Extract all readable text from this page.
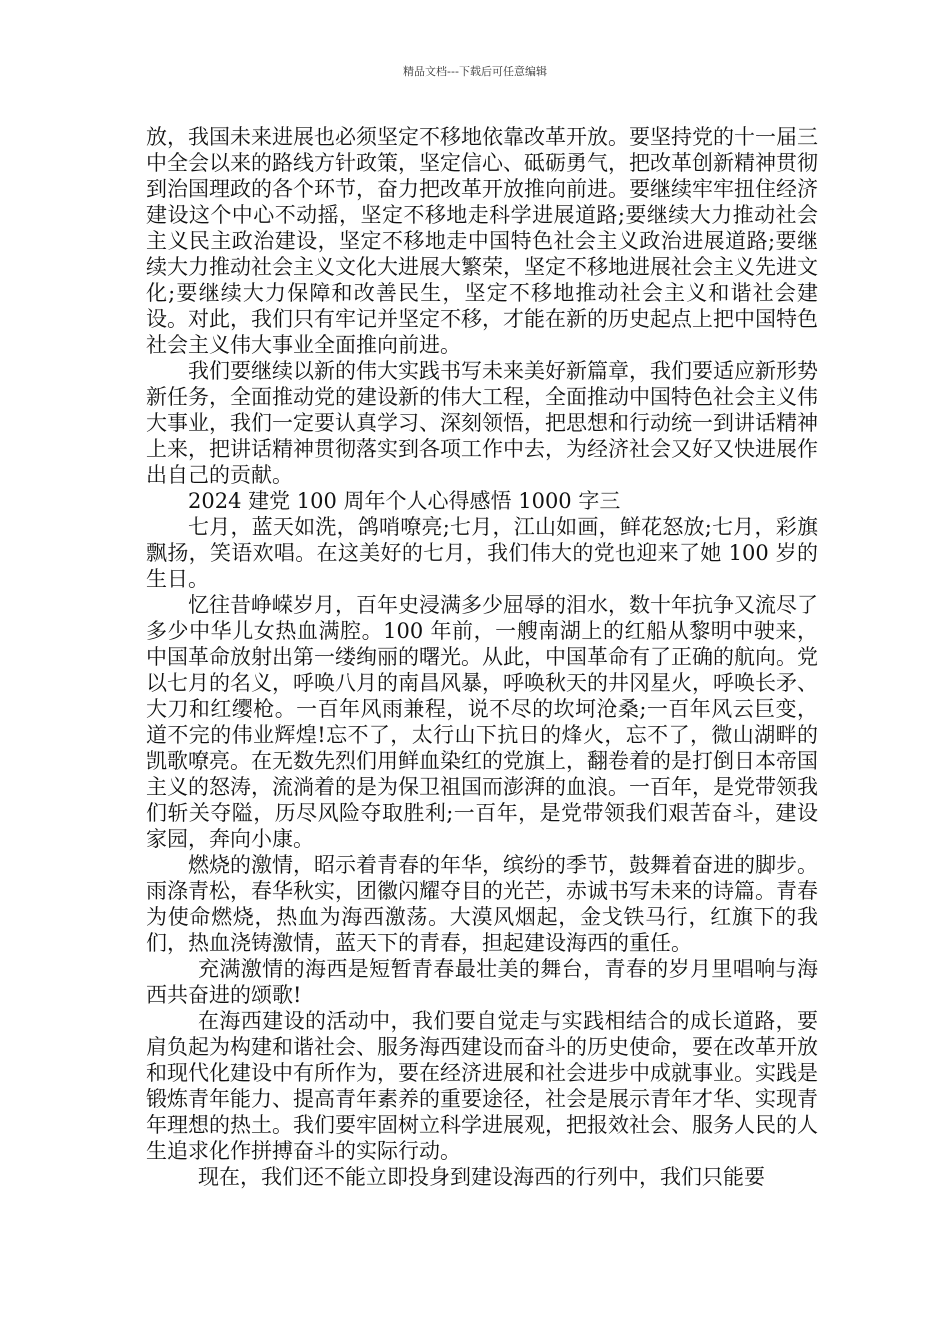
精品文档---下载后可任意编辑

放，我国未来进展也必须坚定不移地依靠改革开放。要坚持党的十一届三中全会以来的路线方针政策，坚定信心、砥砺勇气，把改革创新精神贯彻到治国理政的各个环节，奋力把改革开放推向前进。要继续牢牢扭住经济建设这个中心不动摇，坚定不移地走科学进展道路;要继续大力推动社会主义民主政治建设，坚定不移地走中国特色社会主义政治进展道路;要继续大力推动社会主义文化大进展大繁荣，坚定不移地进展社会主义先进文化;要继续大力保障和改善民生，坚定不移地推动社会主义和谐社会建设。对此，我们只有牢记并坚定不移，才能在新的历史起点上把中国特色社会主义伟大事业全面推向前进。

我们要继续以新的伟大实践书写未来美好新篇章，我们要适应新形势新任务，全面推动党的建设新的伟大工程，全面推动中国特色社会主义伟大事业，我们一定要认真学习、深刻领悟，把思想和行动统一到讲话精神上来，把讲话精神贯彻落实到各项工作中去，为经济社会又好又快进展作出自己的贡献。

2024 建党 100 周年个人心得感悟 1000 字三

七月，蓝天如洗，鸽哨嘹亮;七月，江山如画，鲜花怒放;七月，彩旗飘扬，笑语欢唱。在这美好的七月，我们伟大的党也迎来了她 100 岁的生日。

忆往昔峥嵘岁月，百年史浸满多少屈辱的泪水，数十年抗争又流尽了多少中华儿女热血满腔。100 年前，一艘南湖上的红船从黎明中驶来，中国革命放射出第一缕绚丽的曙光。从此，中国革命有了正确的航向。党以七月的名义，呼唤八月的南昌风暴，呼唤秋天的井冈星火，呼唤长矛、大刀和红缨枪。一百年风雨兼程，说不尽的坎坷沧桑;一百年风云巨变，道不完的伟业辉煌!忘不了，太行山下抗日的烽火，忘不了，微山湖畔的凯歌嘹亮。在无数先烈们用鲜血染红的党旗上，翻卷着的是打倒日本帝国主义的怒涛，流淌着的是为保卫祖国而澎湃的血浪。一百年，是党带领我们斩关夺隘，历尽风险夺取胜利;一百年，是党带领我们艰苦奋斗，建设家园，奔向小康。

燃烧的激情，昭示着青春的年华，缤纷的季节，鼓舞着奋进的脚步。雨涤青松，春华秋实，团徽闪耀夺目的光芒，赤诚书写未来的诗篇。青春为使命燃烧，热血为海西激荡。大漠风烟起，金戈铁马行，红旗下的我们，热血浇铸激情，蓝天下的青春，担起建设海西的重任。

充满激情的海西是短暂青春最壮美的舞台，青春的岁月里唱响与海西共奋进的颂歌!

在海西建设的活动中，我们要自觉走与实践相结合的成长道路，要肩负起为构建和谐社会、服务海西建设而奋斗的历史使命，要在改革开放和现代化建设中有所作为，要在经济进展和社会进步中成就事业。实践是锻炼青年能力、提高青年素养的重要途径，社会是展示青年才华、实现青年理想的热土。我们要牢固树立科学进展观，把报效社会、服务人民的人生追求化作拼搏奋斗的实际行动。

现在，我们还不能立即投身到建设海西的行列中，我们只能要
